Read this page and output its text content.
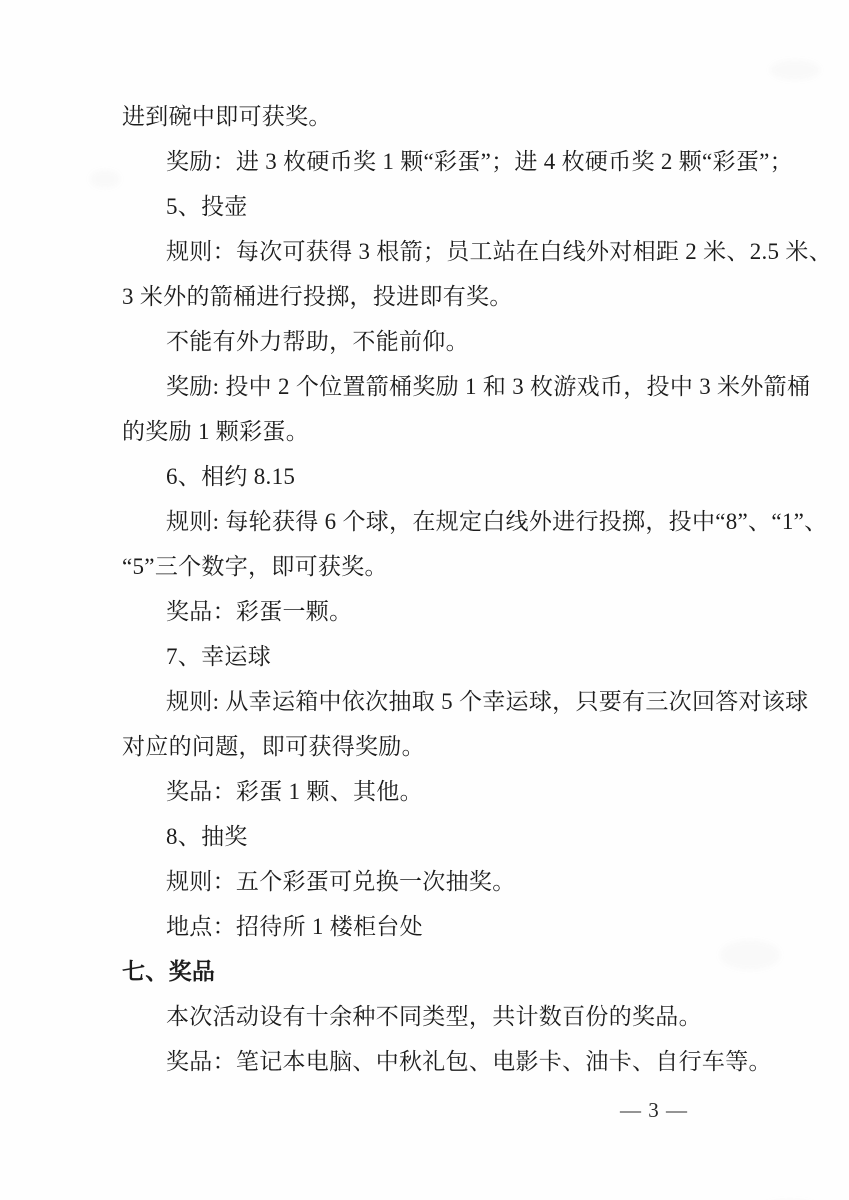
进到碗中即可获奖。
奖励：进 3 枚硬币奖 1 颗“彩蛋”；进 4 枚硬币奖 2 颗“彩蛋”；
5、投壶
规则：每次可获得 3 根箭；员工站在白线外对相距 2 米、2.5 米、
3 米外的箭桶进行投掷，投进即有奖。
不能有外力帮助，不能前仰。
奖励: 投中 2 个位置箭桶奖励 1 和 3 枚游戏币，投中 3 米外箭桶
的奖励 1 颗彩蛋。
6、相约 8.15
规则: 每轮获得 6 个球，在规定白线外进行投掷，投中“8”、“1”、
“5”三个数字，即可获奖。
奖品：彩蛋一颗。
7、幸运球
规则: 从幸运箱中依次抽取 5 个幸运球，只要有三次回答对该球
对应的问题，即可获得奖励。
奖品：彩蛋 1 颗、其他。
8、抽奖
规则：五个彩蛋可兑换一次抽奖。
地点：招待所 1 楼柜台处
七、奖品
本次活动设有十余种不同类型，共计数百份的奖品。
奖品：笔记本电脑、中秋礼包、电影卡、油卡、自行车等。
— 3 —
